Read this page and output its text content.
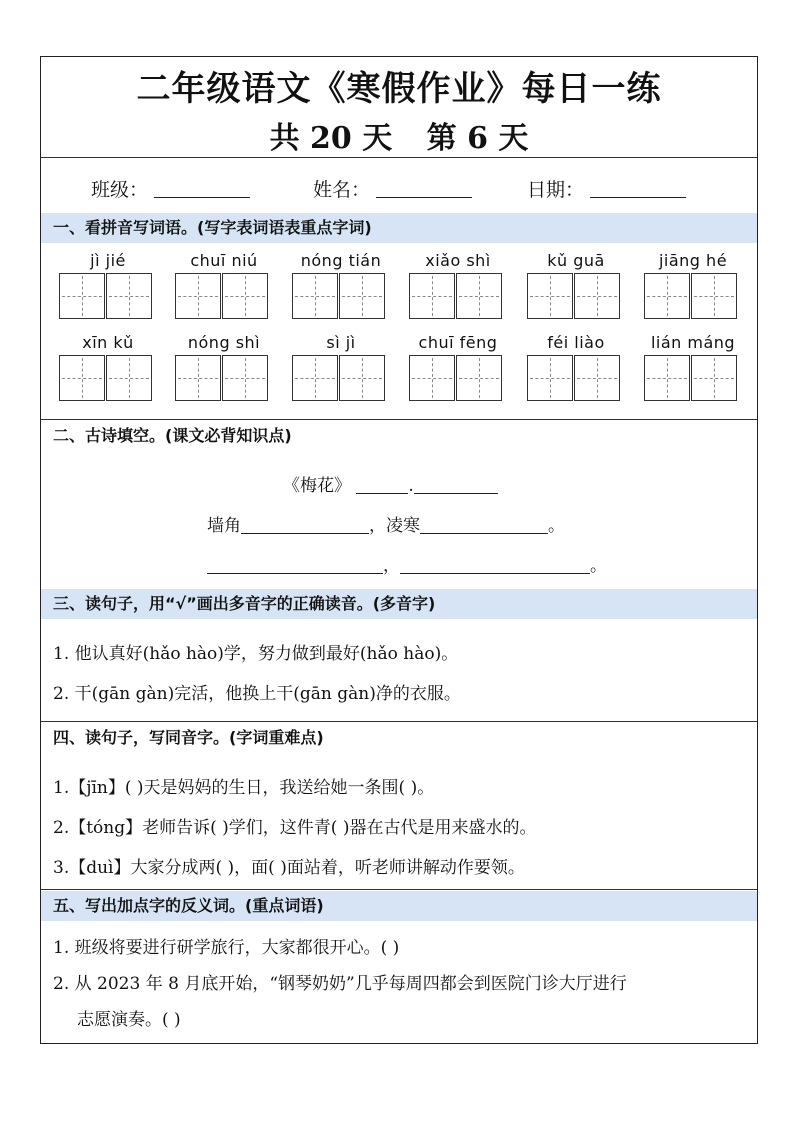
二年级语文《寒假作业》每日一练
共 20 天 第 6 天
班级：	姓名：	日期：
一、看拼音写词语。(写字表词语表重点字词)
jì jié	chuī niú	nóng tián	xiǎo shì	kǔ guā	jiāng hé
xīn kǔ	nóng shì	sì jì	chuī fēng	féi liào	lián máng
二、古诗填空。(课文必背知识点)
《梅花》	.
墙角	，凌寒	。
，	。
三、读句子，用“√”画出多音字的正确读音。(多音字)
1. 他认真好(hǎo hào)学，努力做到最好(hǎo hào)。
2. 干(gān gàn)完活，他换上干(gān gàn)净的衣服。
四、读句子，写同音字。(字词重难点)
1.【jīn】( )天是妈妈的生日，我送给她一条围( )。
2.【tóng】老师告诉( )学们，这件青( )器在古代是用来盛水的。
3.【duì】大家分成两( )，面( )面站着，听老师讲解动作要领。
五、写出加点字的反义词。(重点词语)
1. 班级将要进行研学旅行，大家都很开心。( )
2. 从 2023 年 8 月底开始，“钢琴奶奶”几乎每周四都会到医院门诊大厅进行
志愿演奏。( )
